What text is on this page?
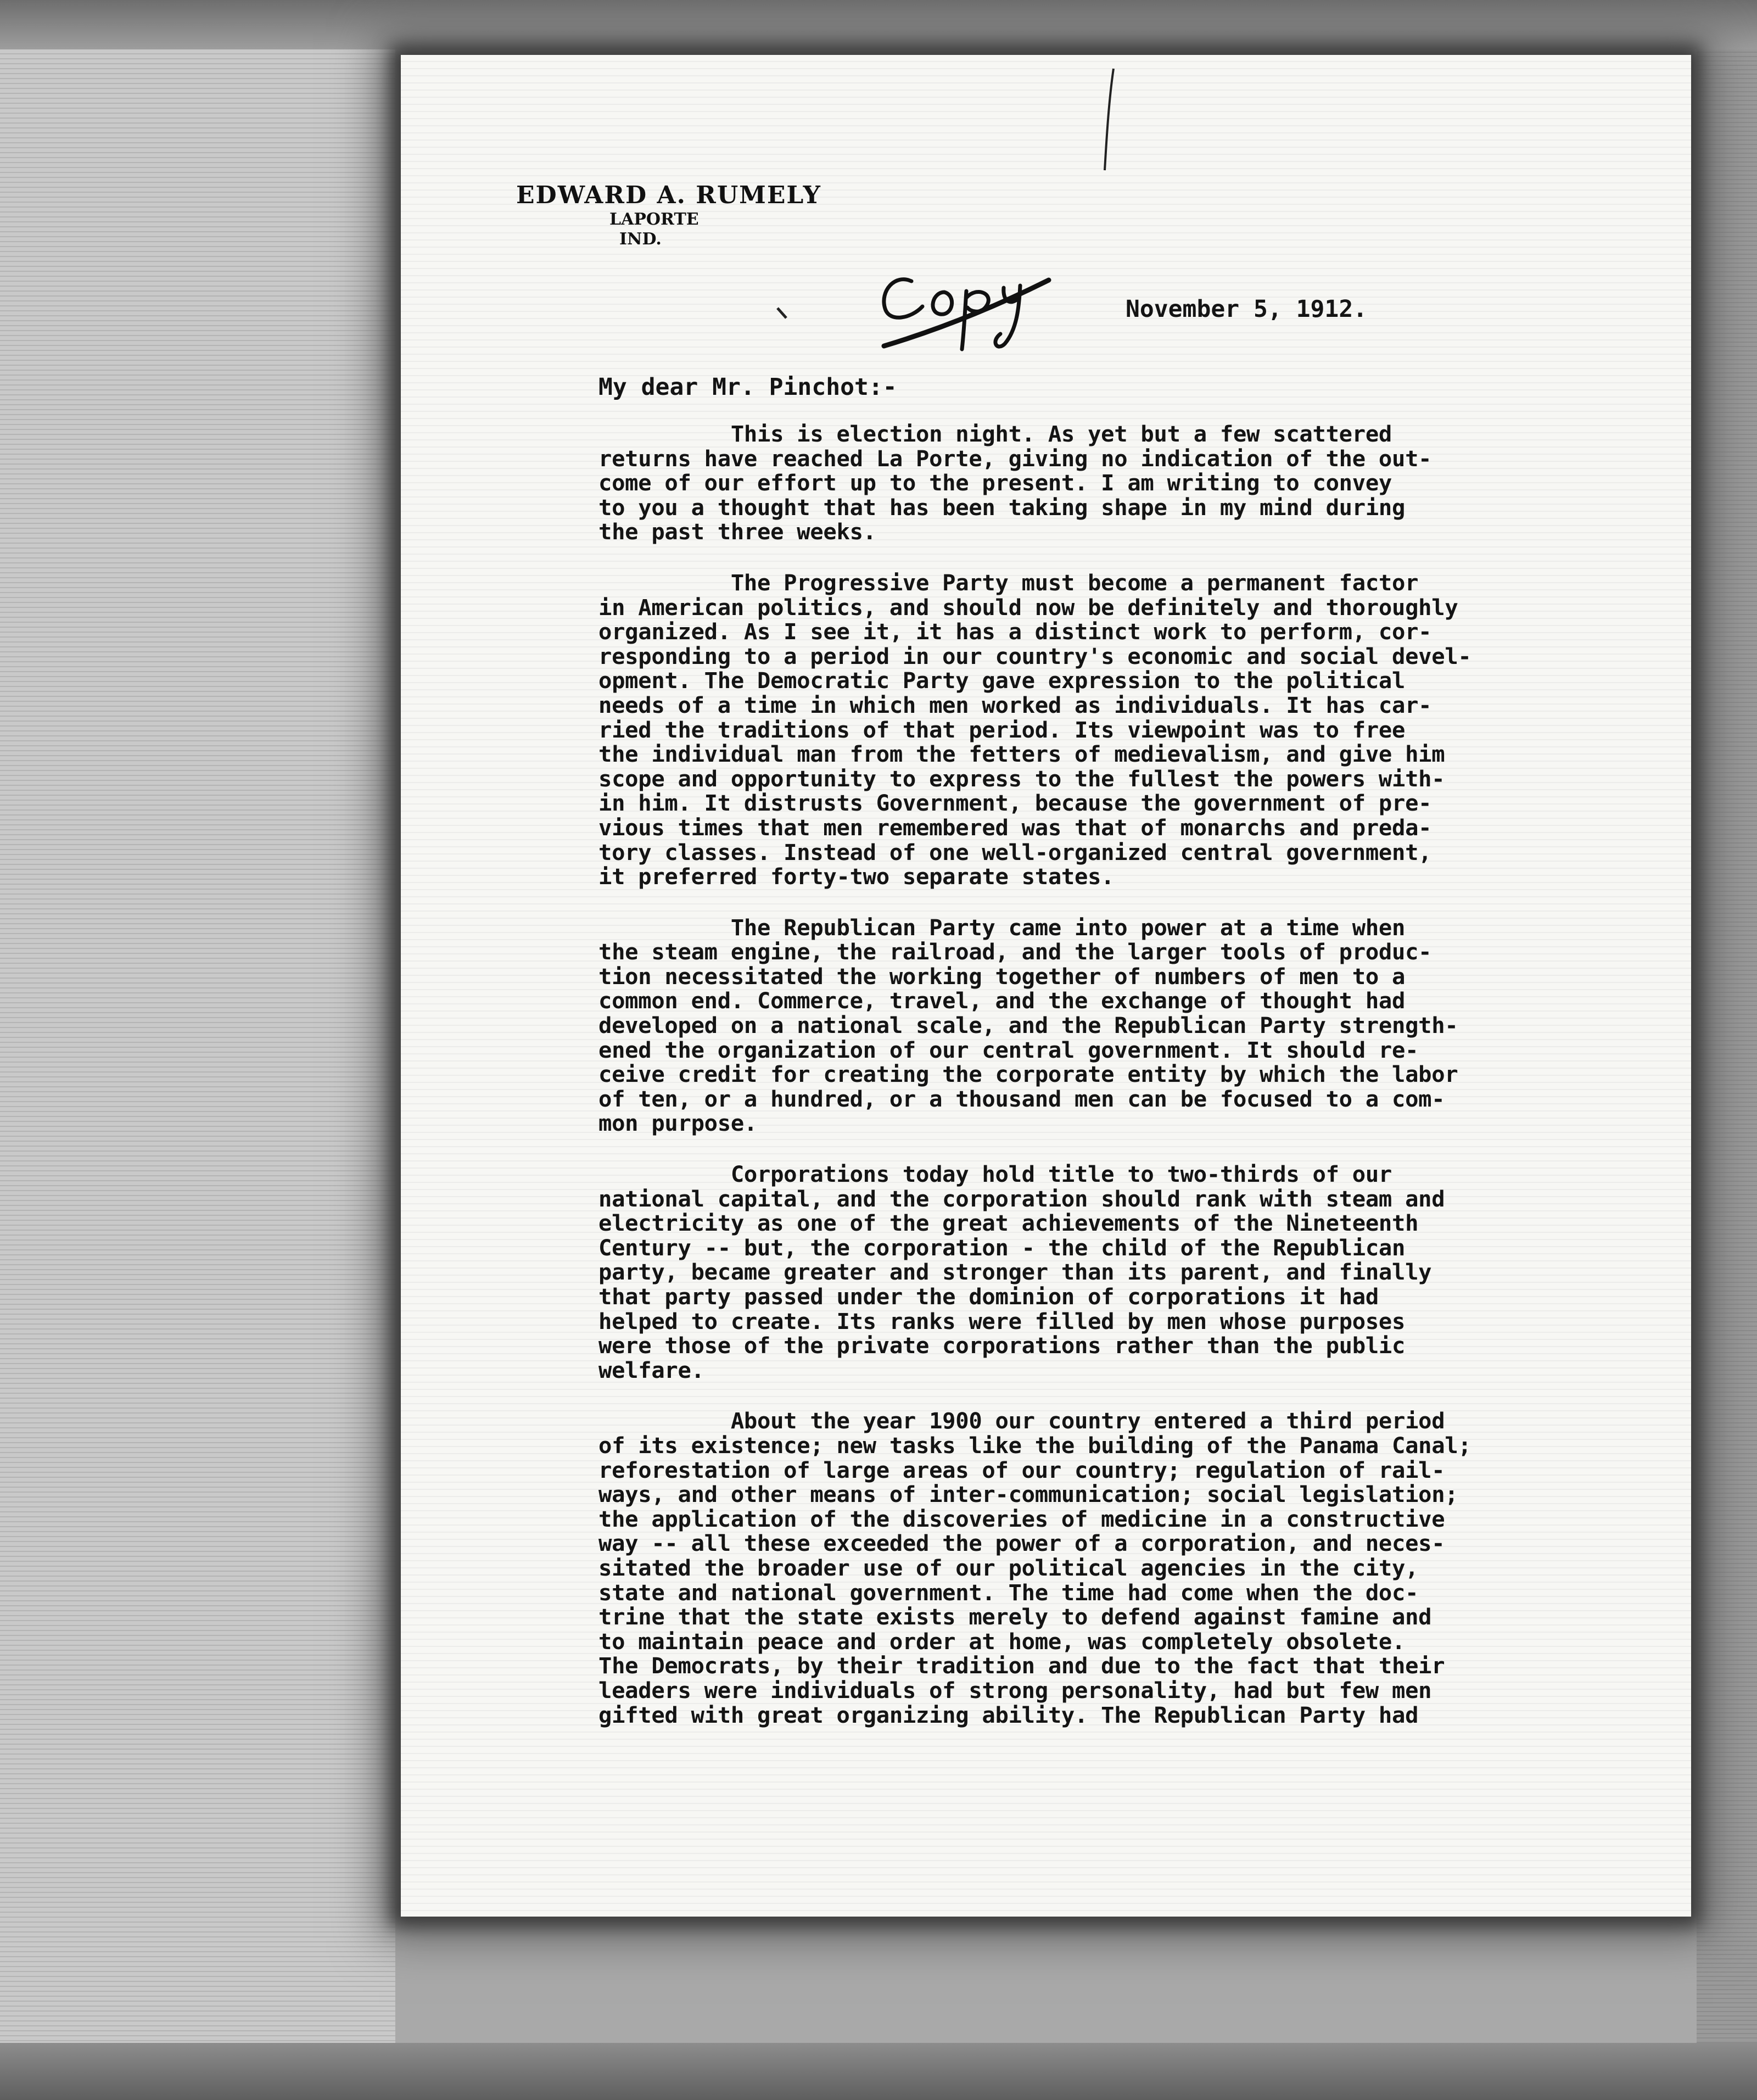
EDWARD A. RUMELY
LAPORTE
IND.
November 5, 1912.
My dear Mr. Pinchot:-

This is election night. As yet but a few scattered
returns have reached La Porte, giving no indication of the out-
come of our effort up to the present. I am writing to convey
to you a thought that has been taking shape in my mind during
the past three weeks.

The Progressive Party must become a permanent factor
in American politics, and should now be definitely and thoroughly
organized. As I see it, it has a distinct work to perform, cor-
responding to a period in our country's economic and social devel-
opment. The Democratic Party gave expression to the political
needs of a time in which men worked as individuals. It has car-
ried the traditions of that period. Its viewpoint was to free
the individual man from the fetters of medievalism, and give him
scope and opportunity to express to the fullest the powers with-
in him. It distrusts Government, because the government of pre-
vious times that men remembered was that of monarchs and preda-
tory classes. Instead of one well-organized central government,
it preferred forty-two separate states.

The Republican Party came into power at a time when
the steam engine, the railroad, and the larger tools of produc-
tion necessitated the working together of numbers of men to a
common end. Commerce, travel, and the exchange of thought had
developed on a national scale, and the Republican Party strength-
ened the organization of our central government. It should re-
ceive credit for creating the corporate entity by which the labor
of ten, or a hundred, or a thousand men can be focused to a com-
mon purpose.

Corporations today hold title to two-thirds of our
national capital, and the corporation should rank with steam and
electricity as one of the great achievements of the Nineteenth
Century -- but, the corporation - the child of the Republican
party, became greater and stronger than its parent, and finally
that party passed under the dominion of corporations it had
helped to create. Its ranks were filled by men whose purposes
were those of the private corporations rather than the public
welfare.

About the year 1900 our country entered a third period
of its existence; new tasks like the building of the Panama Canal;
reforestation of large areas of our country; regulation of rail-
ways, and other means of inter-communication; social legislation;
the application of the discoveries of medicine in a constructive
way -- all these exceeded the power of a corporation, and neces-
sitated the broader use of our political agencies in the city,
state and national government. The time had come when the doc-
trine that the state exists merely to defend against famine and
to maintain peace and order at home, was completely obsolete.
The Democrats, by their tradition and due to the fact that their
leaders were individuals of strong personality, had but few men
gifted with great organizing ability. The Republican Party had
